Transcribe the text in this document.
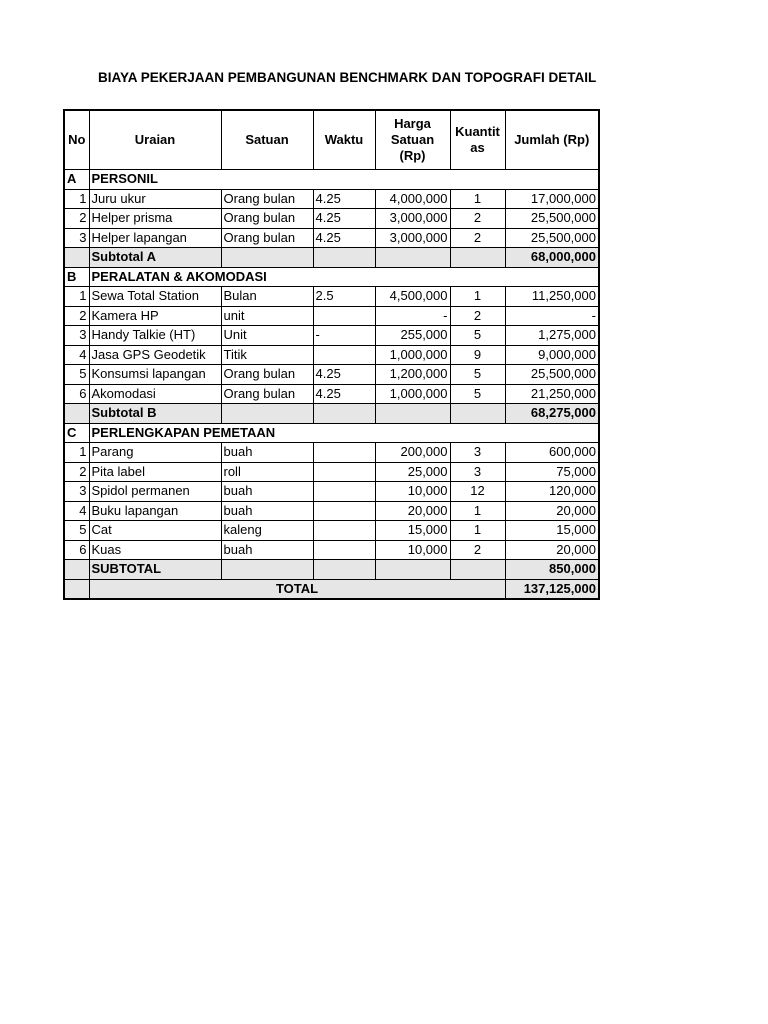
BIAYA PEKERJAAN PEMBANGUNAN BENCHMARK DAN TOPOGRAFI DETAIL
No	Uraian	Satuan	Waktu	Harga Satuan (Rp)	Kuantitas	Jumlah (Rp)
A	PERSONIL					
1	Juru ukur	Orang bulan	4.25	4,000,000	1	17,000,000
2	Helper prisma	Orang bulan	4.25	3,000,000	2	25,500,000
3	Helper lapangan	Orang bulan	4.25	3,000,000	2	25,500,000
	Subtotal A					68,000,000
B	PERALATAN & AKOMODASI					
1	Sewa Total Station	Bulan	2.5	4,500,000	1	11,250,000
2	Kamera HP	unit		-	2	-
3	Handy Talkie (HT)	Unit	-	255,000	5	1,275,000
4	Jasa GPS Geodetik	Titik		1,000,000	9	9,000,000
5	Konsumsi lapangan	Orang bulan	4.25	1,200,000	5	25,500,000
6	Akomodasi	Orang bulan	4.25	1,000,000	5	21,250,000
	Subtotal B					68,275,000
C	PERLENGKAPAN PEMETAAN					
1	Parang	buah		200,000	3	600,000
2	Pita label	roll		25,000	3	75,000
3	Spidol permanen	buah		10,000	12	120,000
4	Buku lapangan	buah		20,000	1	20,000
5	Cat	kaleng		15,000	1	15,000
6	Kuas	buah		10,000	2	20,000
	SUBTOTAL					850,000
	TOTAL					137,125,000
